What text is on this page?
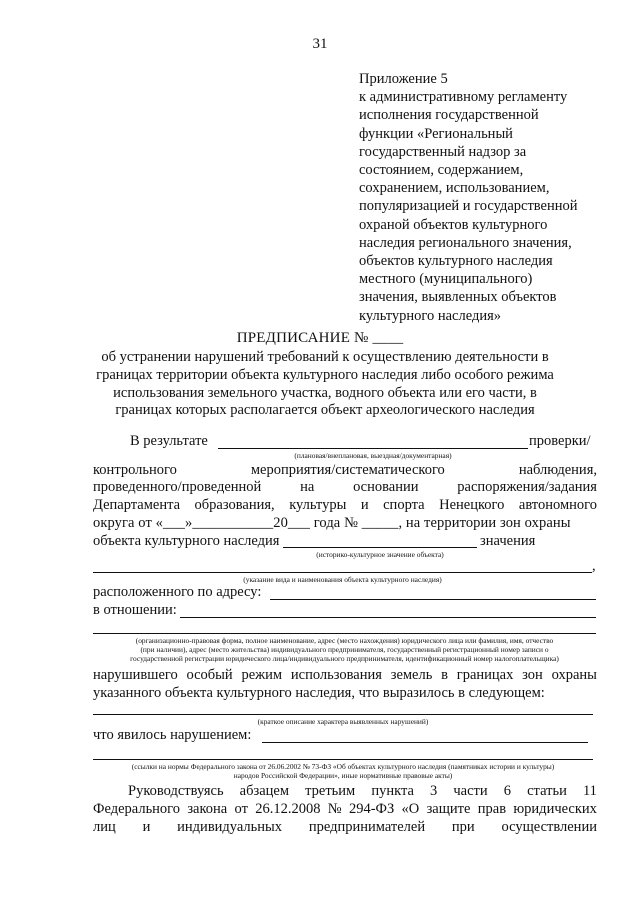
31
Приложение 5
к административному регламенту
исполнения государственной
функции «Региональный
государственный надзор за
состоянием, содержанием,
сохранением, использованием,
популяризацией и государственной
охраной объектов культурного
наследия регионального значения,
объектов культурного наследия
местного (муниципального)
значения, выявленных объектов
культурного наследия»
ПРЕДПИСАНИЕ № ____
об устранении нарушений требований к осуществлению деятельности в
границах территории объекта культурного наследия либо особого режима
использования земельного участка, водного объекта или его части, в
границах которых располагается объект археологического наследия
В результате	проверки/
(плановая/внеплановая, выездная/документарная)
контрольного	мероприятия/систематического	наблюдения,
проведенного/проведенной	на	основании	распоряжения/задания
Департамента образования, культуры и спорта Ненецкого автономного
округа от «___»___________20___ года № _____, на территории зон охраны
объекта культурного наследия	значения
(историко-культурное значение объекта)
,
(указание вида и наименования объекта культурного наследия)
расположенного по адресу:
в отношении:
(организационно-правовая форма, полное наименование, адрес (место нахождения) юридического лица или фамилия, имя, отчество
(при наличии), адрес (место жительства) индивидуального предпринимателя, государственный регистрационный номер записи о
государственной регистрации юридического лица/индивидуального предпринимателя, идентификационный номер налогоплательщика)
нарушившего особый режим использования земель в границах зон охраны
указанного объекта культурного наследия, что выразилось в следующем:
(краткое описание характера выявленных нарушений)
что явилось нарушением:
(ссылки на нормы Федерального закона от 26.06.2002 № 73-ФЗ «Об объектах культурного наследия (памятниках истории и культуры)
народов Российской Федерации», иные нормативные правовые акты)
Руководствуясь абзацем третьим пункта 3 части 6 статьи 11
Федерального закона от 26.12.2008 № 294-ФЗ «О защите прав юридических
лиц и индивидуальных предпринимателей при осуществлении
